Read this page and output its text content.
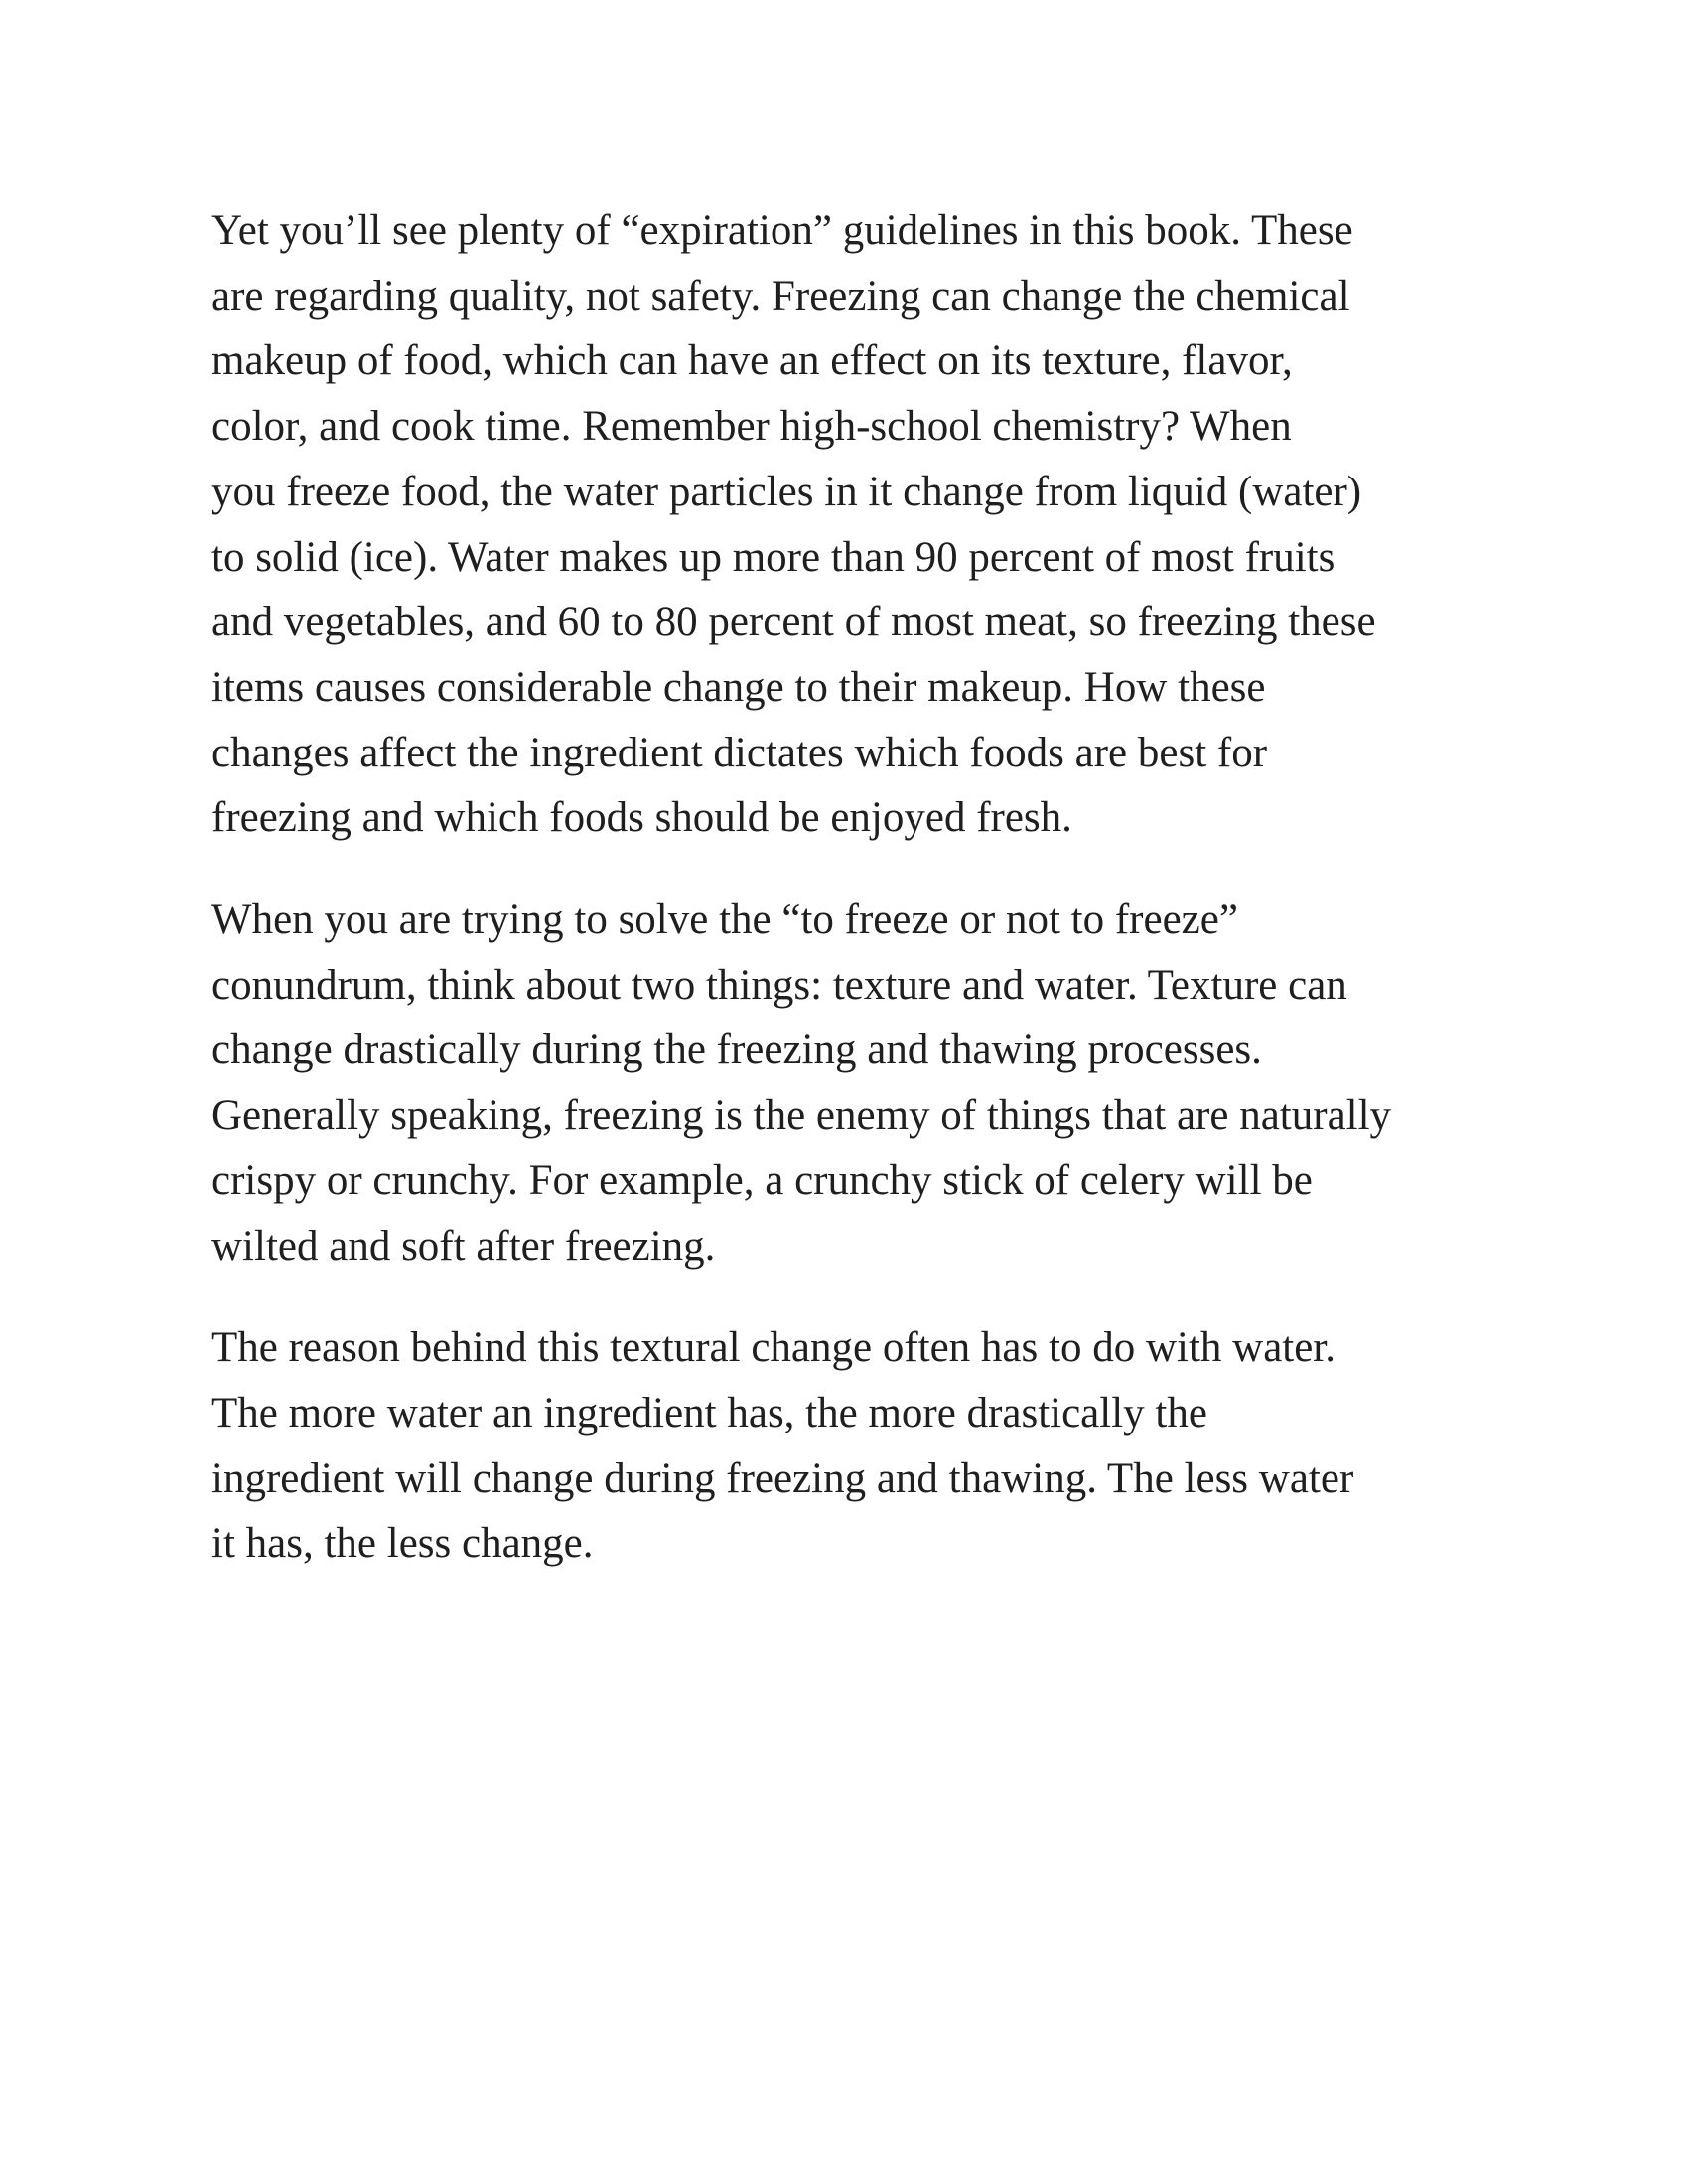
Yet you’ll see plenty of “expiration” guidelines in this book. These
are regarding quality, not safety. Freezing can change the chemical
makeup of food, which can have an effect on its texture, flavor,
color, and cook time. Remember high-school chemistry? When
you freeze food, the water particles in it change from liquid (water)
to solid (ice). Water makes up more than 90 percent of most fruits
and vegetables, and 60 to 80 percent of most meat, so freezing these
items causes considerable change to their makeup. How these
changes affect the ingredient dictates which foods are best for
freezing and which foods should be enjoyed fresh.

When you are trying to solve the “to freeze or not to freeze”
conundrum, think about two things: texture and water. Texture can
change drastically during the freezing and thawing processes.
Generally speaking, freezing is the enemy of things that are naturally
crispy or crunchy. For example, a crunchy stick of celery will be
wilted and soft after freezing.

The reason behind this textural change often has to do with water.
The more water an ingredient has, the more drastically the
ingredient will change during freezing and thawing. The less water
it has, the less change.
